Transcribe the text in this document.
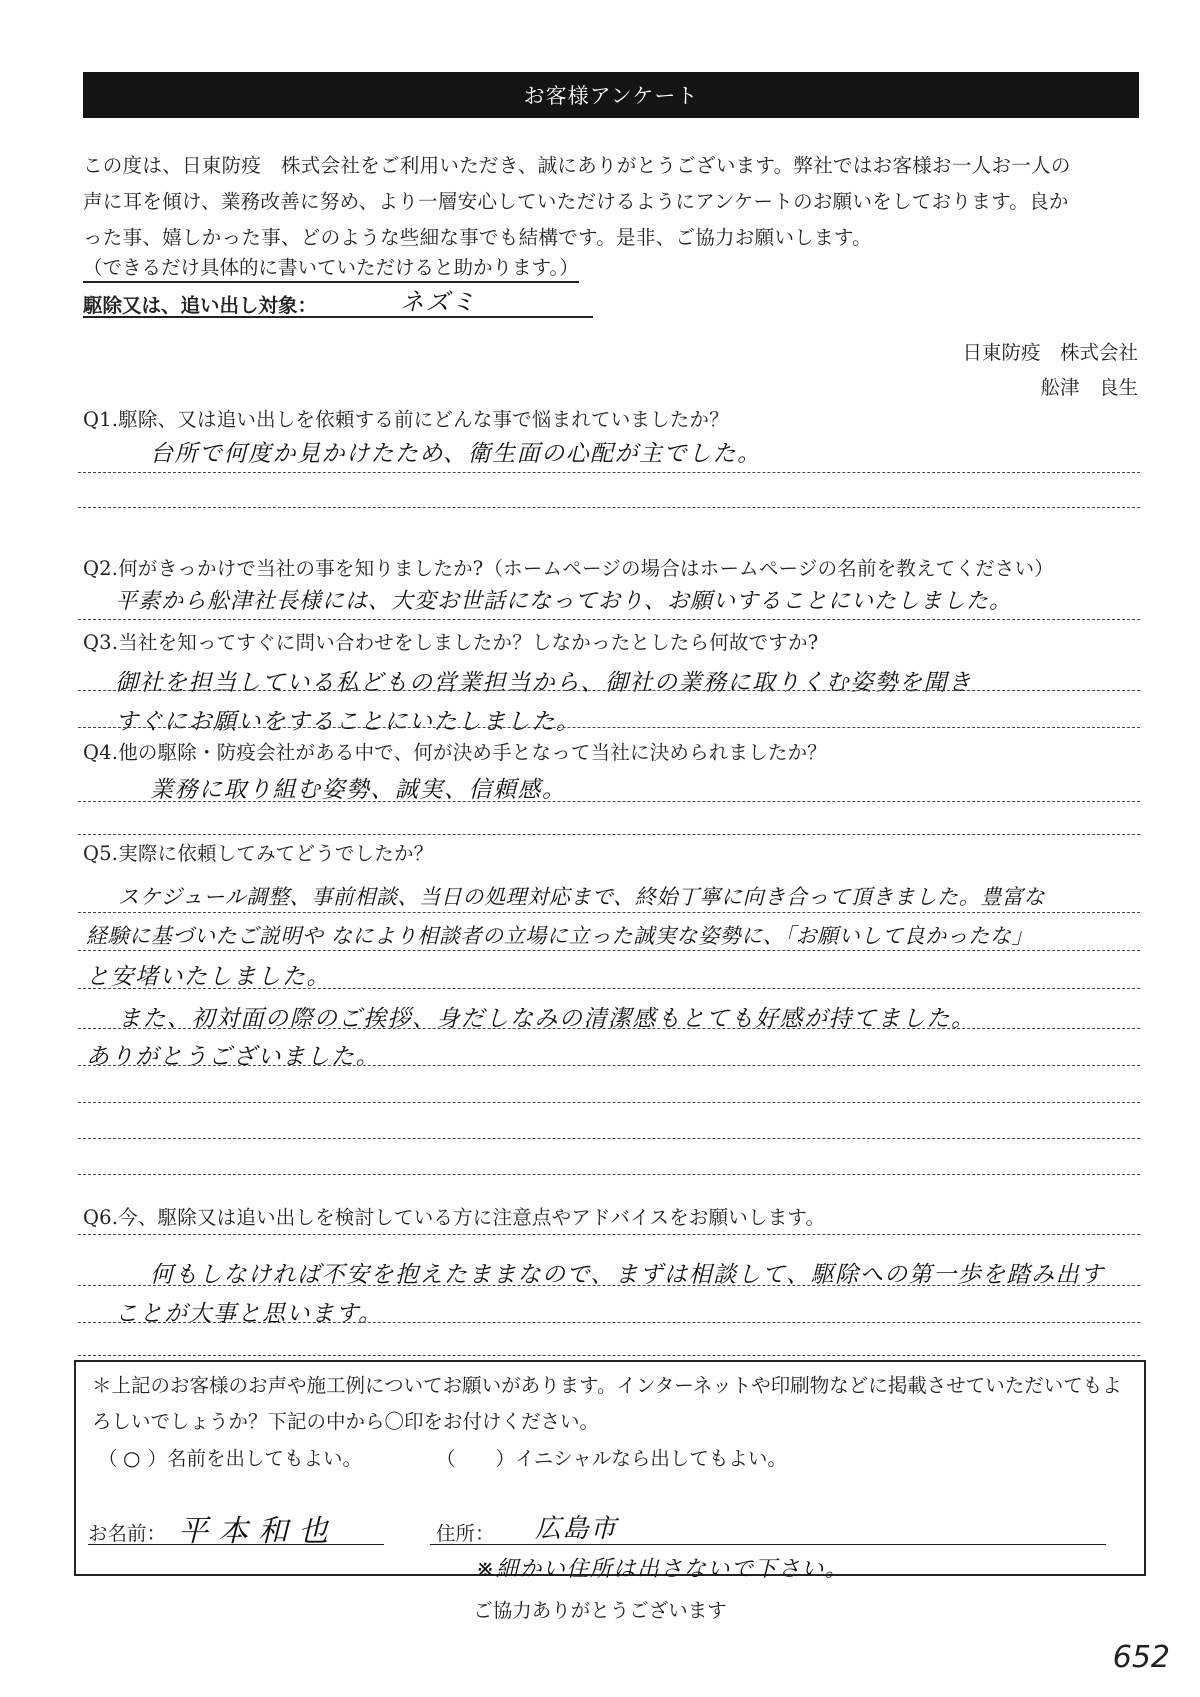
お客様アンケート
この度は、日東防疫　株式会社をご利用いただき、誠にありがとうございます。弊社ではお客様お一人お一人の
声に耳を傾け、業務改善に努め、より一層安心していただけるようにアンケートのお願いをしております。良か
った事、嬉しかった事、どのような些細な事でも結構です。是非、ご協力お願いします。
（できるだけ具体的に書いていただけると助かります。）
駆除又は、追い出し対象：	ネズミ
日東防疫　株式会社
舩津　良生
Q1.駆除、又は追い出しを依頼する前にどんな事で悩まれていましたか？
台所で何度か見かけたため、衛生面の心配が主でした。
Q2.何がきっかけで当社の事を知りましたか?（ホームページの場合はホームページの名前を教えてください）
平素から舩津社長様には、大変お世話になっており、お願いすることにいたしました。
Q3.当社を知ってすぐに問い合わせをしましたか？しなかったとしたら何故ですか?
御社を担当している私どもの営業担当から、御社の業務に取りくむ姿勢を聞き
すぐにお願いをすることにいたしました。
Q4.他の駆除・防疫会社がある中で、何が決め手となって当社に決められましたか？
業務に取り組む姿勢、誠実、信頼感。
Q5.実際に依頼してみてどうでしたか？
スケジュール調整、事前相談、当日の処理対応まで、終始丁寧に向き合って頂きました。豊富な
経験に基づいたご説明や なにより相談者の立場に立った誠実な姿勢に、「お願いして良かったな」
と安堵いたしました。
また、初対面の際のご挨拶、身だしなみの清潔感もとても好感が持てました。
ありがとうございました。
Q6.今、駆除又は追い出しを検討している方に注意点やアドバイスをお願いします。
何もしなければ不安を抱えたままなので、まずは相談して、駆除への第一歩を踏み出す
ことが大事と思います。
＊上記のお客様のお声や施工例についてお願いがあります。インターネットや印刷物などに掲載させていただいてもよろしいでしょうか？下記の中から〇印をお付けください。
（ ○ ）名前を出してもよい。	（ ）イニシャルなら出してもよい。
お名前： 平本和也	住所： 広島市
※細かい住所は出さないで下さい。
ご協力ありがとうございます
652
